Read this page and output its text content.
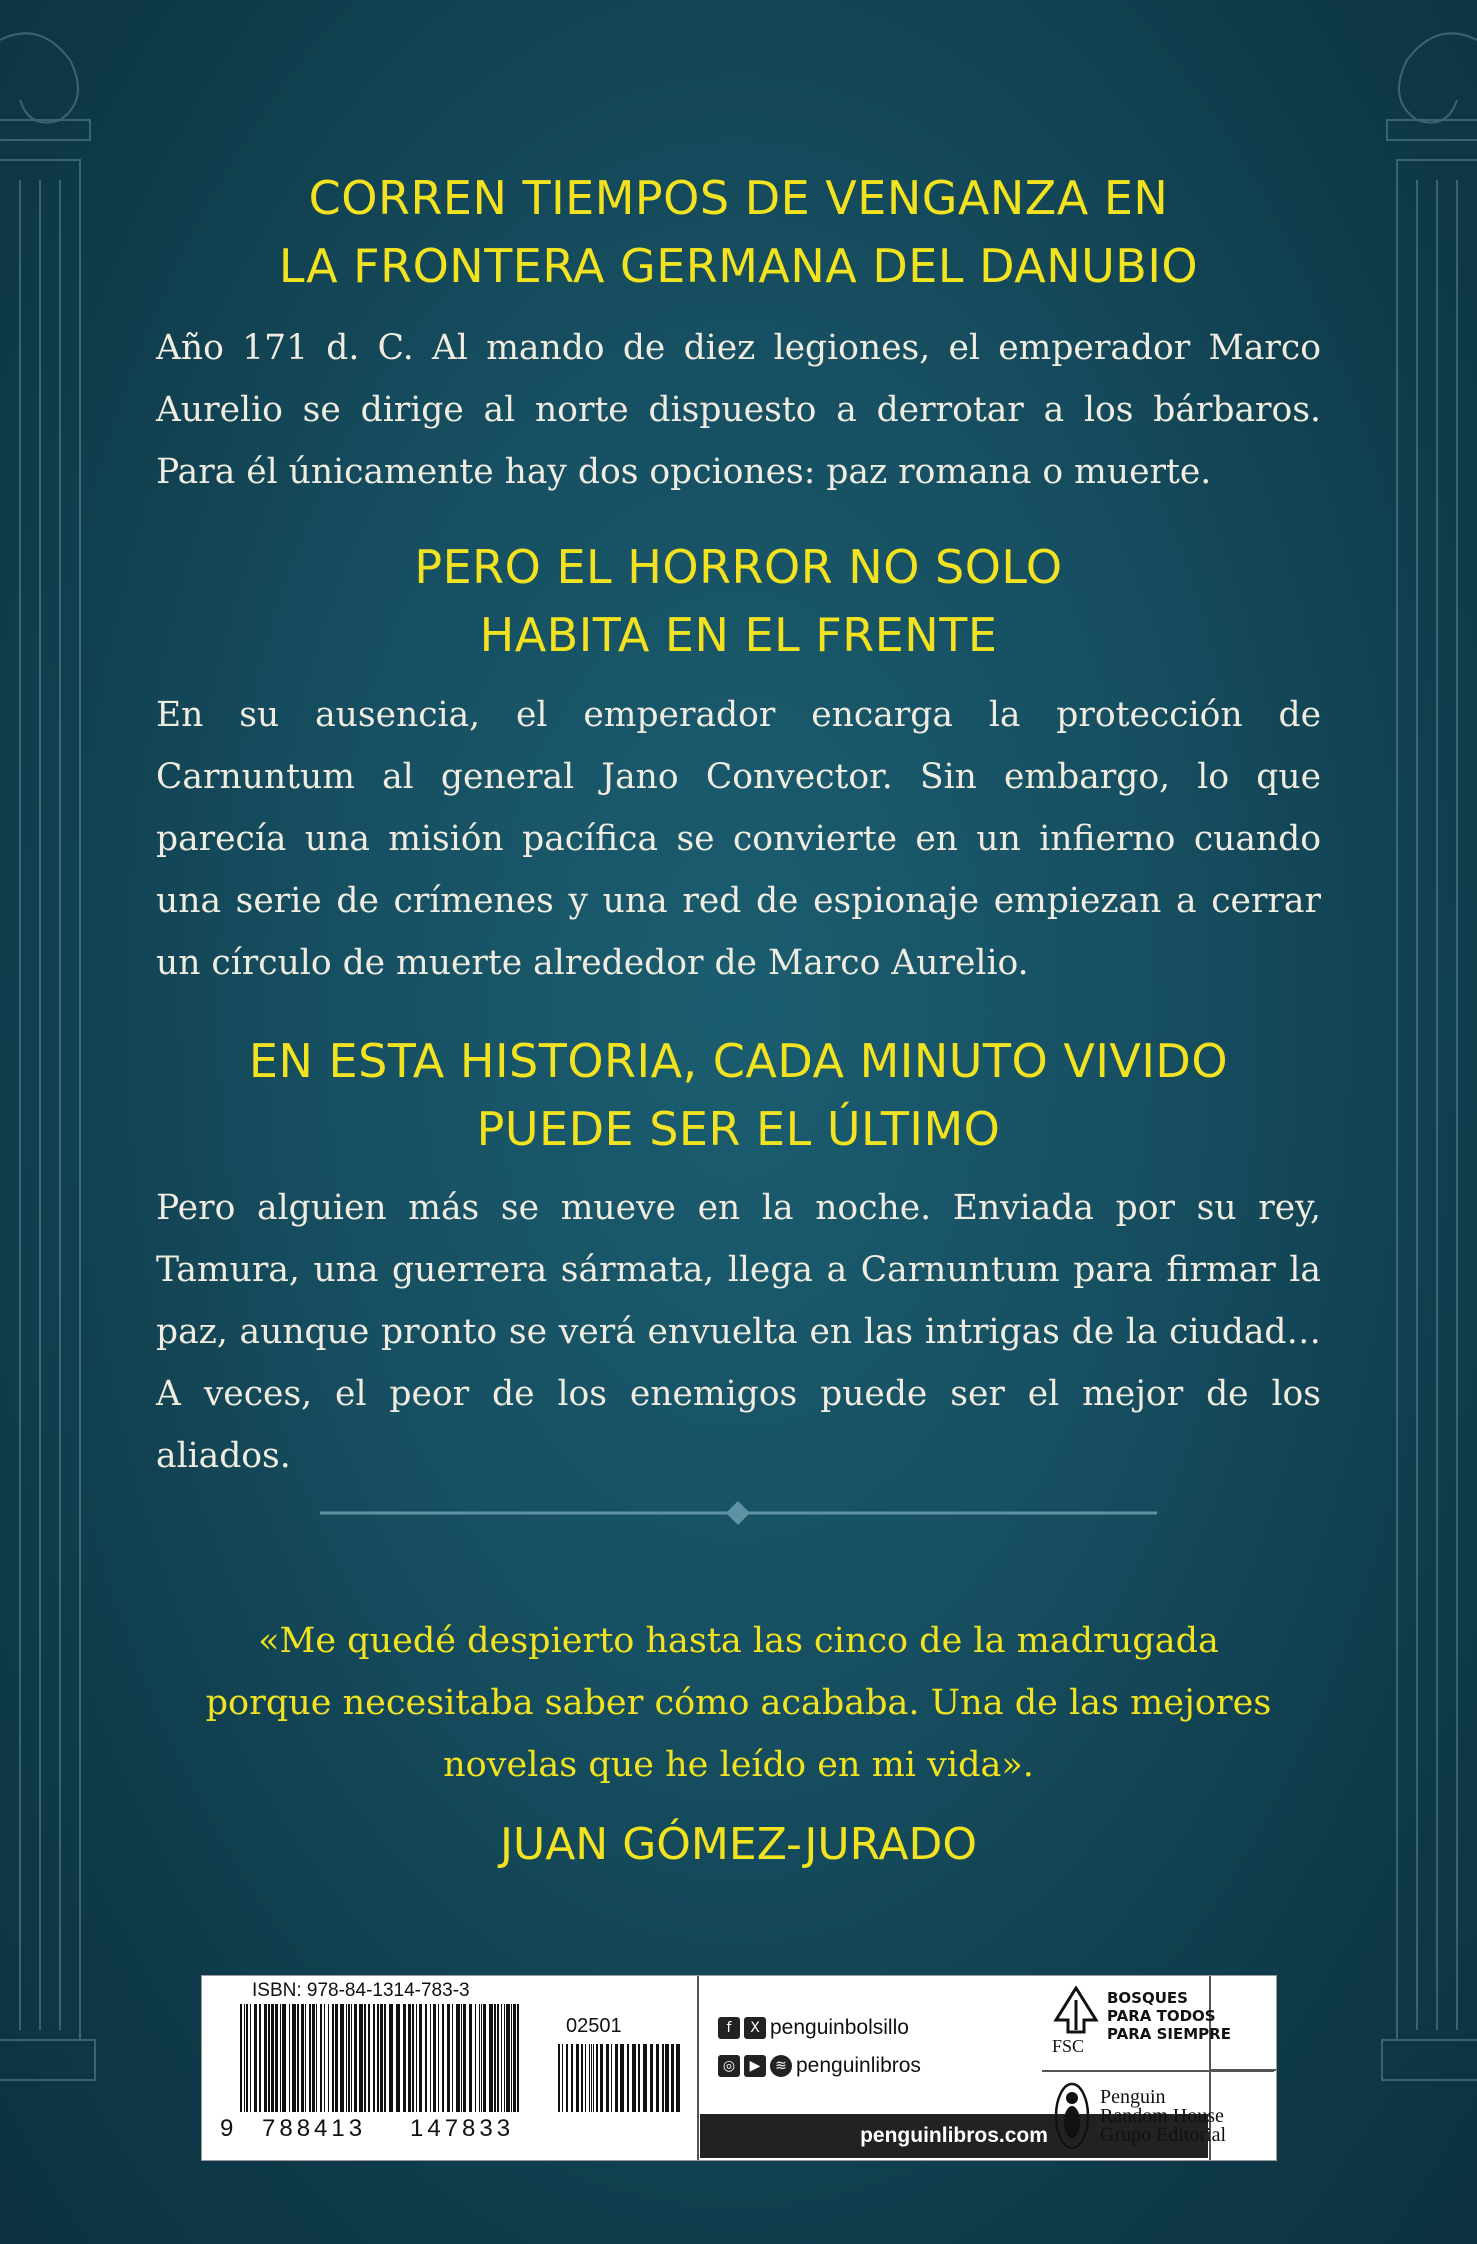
CORREN TIEMPOS DE VENGANZA EN
LA FRONTERA GERMANA DEL DANUBIO
Año 171 d. C. Al mando de diez legiones, el emperador Marco Aurelio se dirige al norte dispuesto a derrotar a los bárbaros. Para él únicamente hay dos opciones: paz romana o muerte.
PERO EL HORROR NO SOLO
HABITA EN EL FRENTE
En su ausencia, el emperador encarga la protección de Carnuntum al general Jano Convector. Sin embargo, lo que parecía una misión pacífica se convierte en un infierno cuando una serie de crímenes y una red de espionaje empiezan a cerrar un círculo de muerte alrededor de Marco Aurelio.
EN ESTA HISTORIA, CADA MINUTO VIVIDO
PUEDE SER EL ÚLTIMO
Pero alguien más se mueve en la noche. Enviada por su rey, Tamura, una guerrera sármata, llega a Carnuntum para firmar la paz, aunque pronto se verá envuelta en las intrigas de la ciudad… A veces, el peor de los enemigos puede ser el mejor de los aliados.
«Me quedé despierto hasta las cinco de la madrugada
porque necesitaba saber cómo acababa. Una de las mejores
novelas que he leído en mi vida».
JUAN GÓMEZ-JURADO
ISBN: 978-84-1314-783-3
02501
9 788413 147833
f	X penguinbolsillo
◎	▶	≋ penguinlibros
penguinlibros.com
FSC
BOSQUES
PARA TODOS
PARA SIEMPRE
Penguin
Random House
Grupo Editorial
